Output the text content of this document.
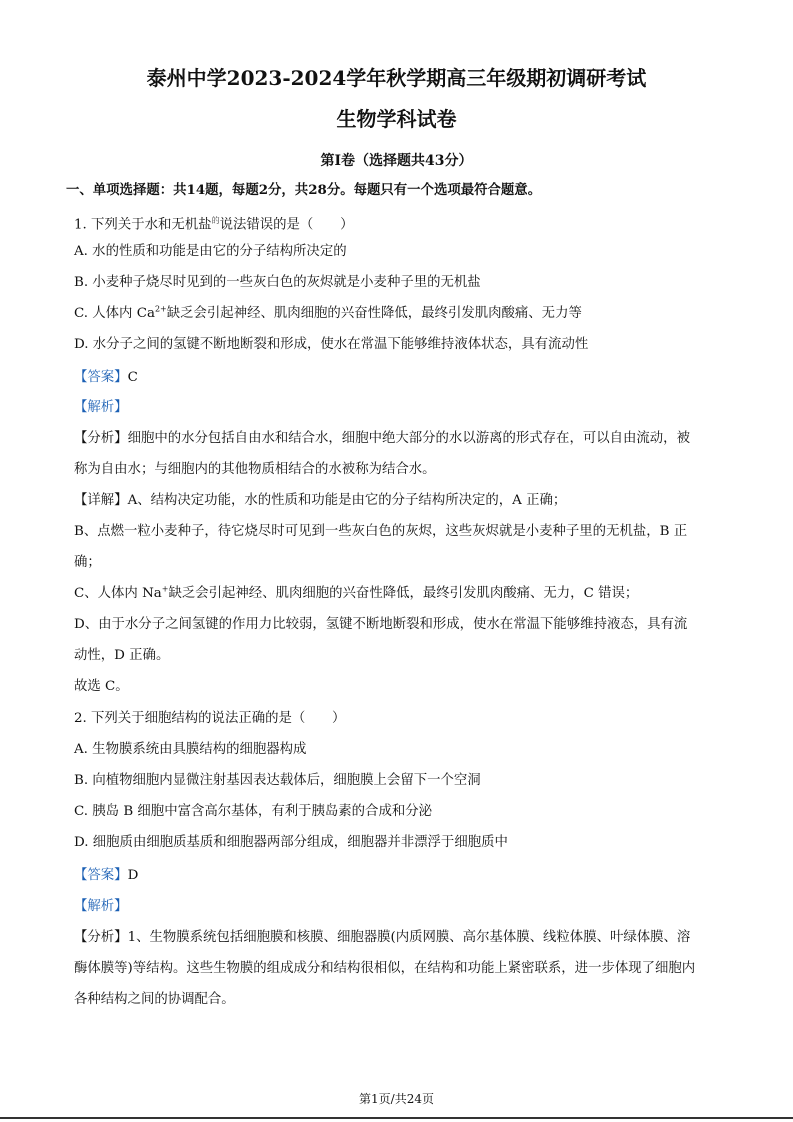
泰州中学2023-2024学年秋学期高三年级期初调研考试
生物学科试卷
第Ⅰ卷（选择题共43分）
一、单项选择题：共14题，每题2分，共28分。每题只有一个选项最符合题意。
1. 下列关于水和无机盐$^的$说法错误的是（　　）
A. 水的性质和功能是由它的分子结构所决定的
B. 小麦种子烧尽时见到的一些灰白色的灰烬就是小麦种子里的无机盐
C. 人体内 $Ca^{2+}$缺乏会引起神经、肌肉细胞的兴奋性降低，最终引发肌肉酸痛、无力等
D. 水分子之间的氢键不断地断裂和形成，使水在常温下能够维持液体状态，具有流动性
【答案】C
【解析】
【分析】细胞中的水分包括自由水和结合水，细胞中绝大部分的水以游离的形式存在，可以自由流动，被
称为自由水；与细胞内的其他物质相结合的水被称为结合水。
【详解】A、结构决定功能，水的性质和功能是由它的分子结构所决定的，A 正确；
B、点燃一粒小麦种子，待它烧尽时可见到一些灰白色的灰烬，这些灰烬就是小麦种子里的无机盐，B 正
确；
C、人体内 Na+缺乏会引起神经、肌肉细胞的兴奋性降低，最终引发肌肉酸痛、无力，C 错误；
D、由于水分子之间氢键的作用力比较弱，氢键不断地断裂和形成，使水在常温下能够维持液态，具有流
动性，D 正确。
故选 C。
2. 下列关于细胞结构的说法正确的是（　　）
A. 生物膜系统由具膜结构的细胞器构成
B. 向植物细胞内显微注射基因表达载体后，细胞膜上会留下一个空洞
C. 胰岛 B 细胞中富含高尔基体，有利于胰岛素的合成和分泌
D. 细胞质由细胞质基质和细胞器两部分组成，细胞器并非漂浮于细胞质中
【答案】D
【解析】
【分析】1、生物膜系统包括细胞膜和核膜、细胞器膜(内质网膜、高尔基体膜、线粒体膜、叶绿体膜、溶
酶体膜等)等结构。这些生物膜的组成成分和结构很相似，在结构和功能上紧密联系，进一步体现了细胞内
各种结构之间的协调配合。
第1页/共24页
